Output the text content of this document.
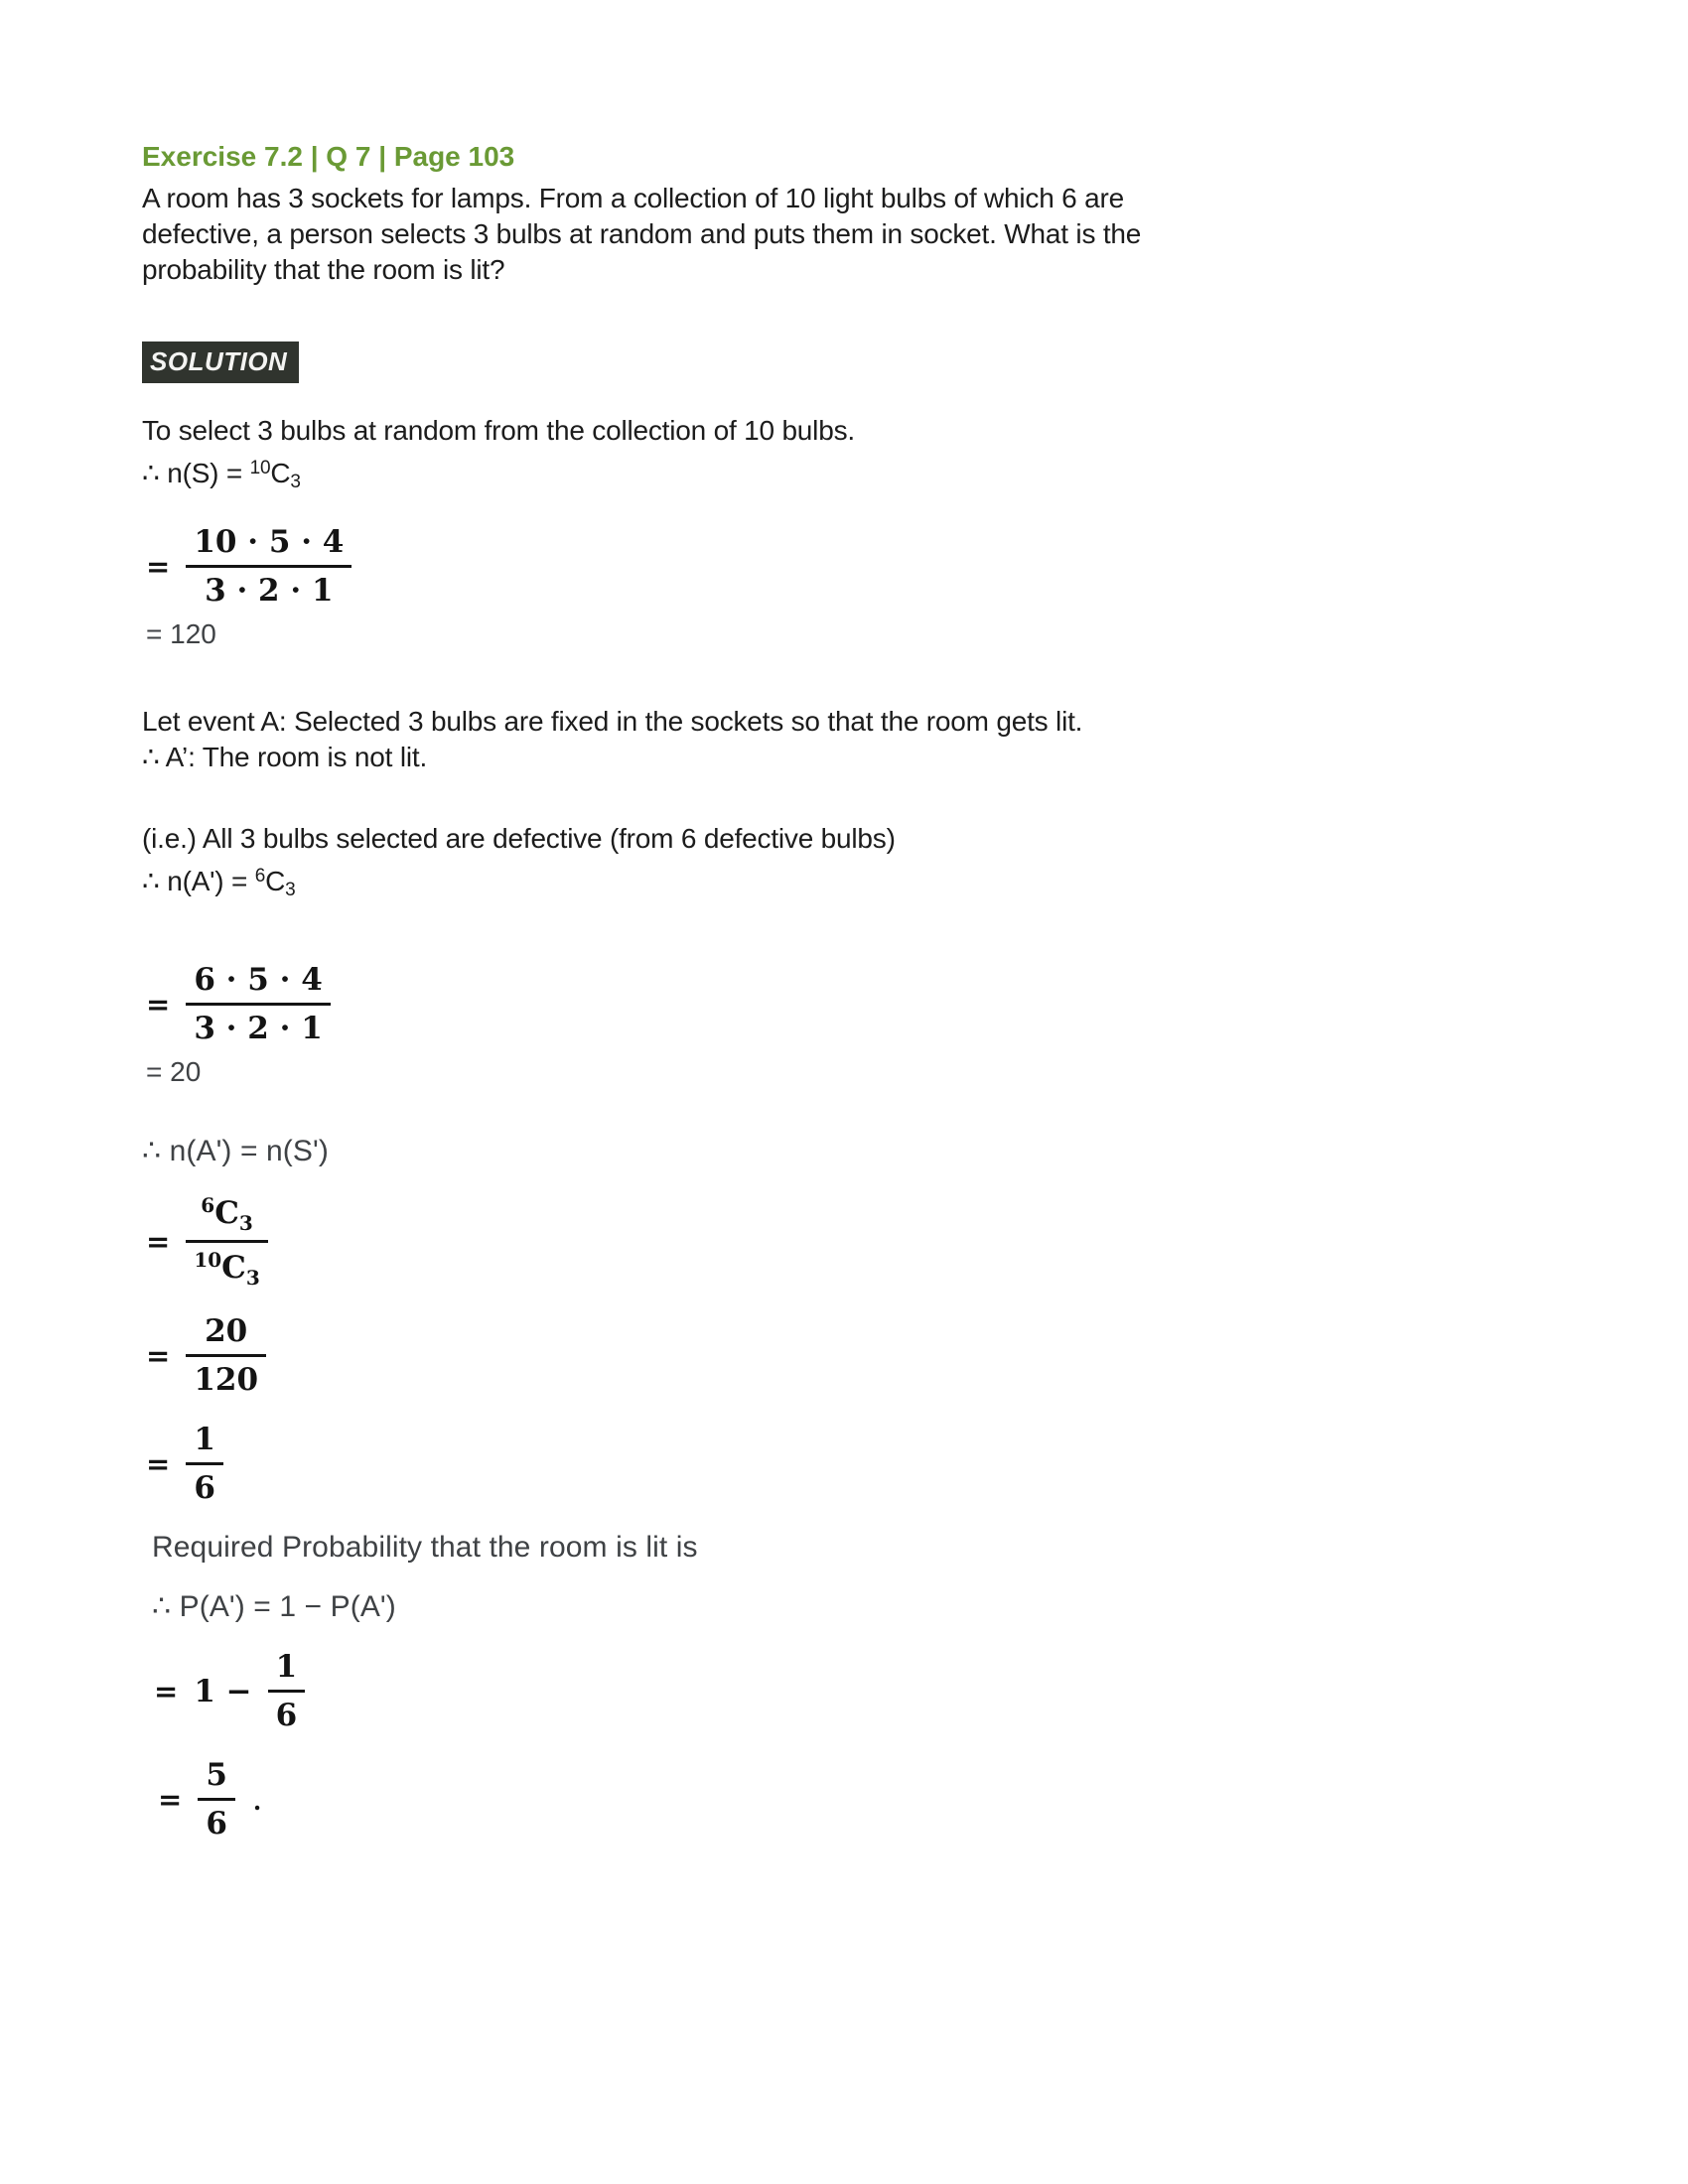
Exercise 7.2 | Q 7 | Page 103
A room has 3 sockets for lamps. From a collection of 10 light bulbs of which 6 are
defective, a person selects 3 bulbs at random and puts them in socket. What is the
probability that the room is lit?
SOLUTION
To select 3 bulbs at random from the collection of 10 bulbs.
∴ $n(S) = ^{10}C_3$
= $\frac{10 \cdot 5 \cdot 4}{3 \cdot 2 \cdot 1}$
= 120
Let event A: Selected 3 bulbs are fixed in the sockets so that the room gets lit.
∴ A’: The room is not lit.
(i.e.) All 3 bulbs selected are defective (from 6 defective bulbs)
∴ $n(A') = ^6C_3$
= $\frac{6 \cdot 5 \cdot 4}{3 \cdot 2 \cdot 1}$
= 20
∴ n(A') = n(S')
= $\frac{^6C_3}{^{10}C_3}$
= $\frac{20}{120}$
= $\frac{1}{6}$
Required Probability that the room is lit is
∴ P(A') = 1 − P(A')
= $1 - \frac{1}{6}$
= $\frac{5}{6}$ .
